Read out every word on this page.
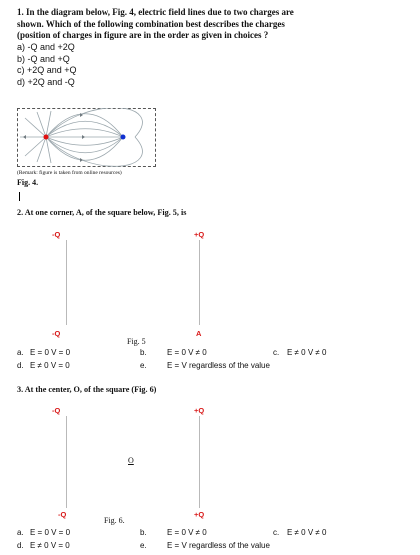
1. In the diagram below, Fig. 4, electric field lines due to two charges are
shown. Which of the following combination best describes the charges
(position of charges in figure are in the order as given in choices ?
a) -Q and +2Q
b) -Q and +Q
c) +2Q and +Q
d) +2Q and -Q
(Remark: figure is taken from online resources)
Fig. 4.
2. At one corner, A, of the square below, Fig. 5, is
-Q	+Q
-Q	A
Fig. 5
a. E = 0 V = 0	b.	E = 0 V ≠ 0	c. E ≠ 0 V ≠ 0
d. E ≠ 0 V = 0	e.	E = V regardless of the value
3. At the center, O, of the square (Fig. 6)
-Q	+Q
O
-Q	+Q
Fig. 6.
a. E = 0 V = 0	b.	E = 0 V ≠ 0	c. E ≠ 0 V ≠ 0
d. E ≠ 0 V = 0	e.	E = V regardless of the value
